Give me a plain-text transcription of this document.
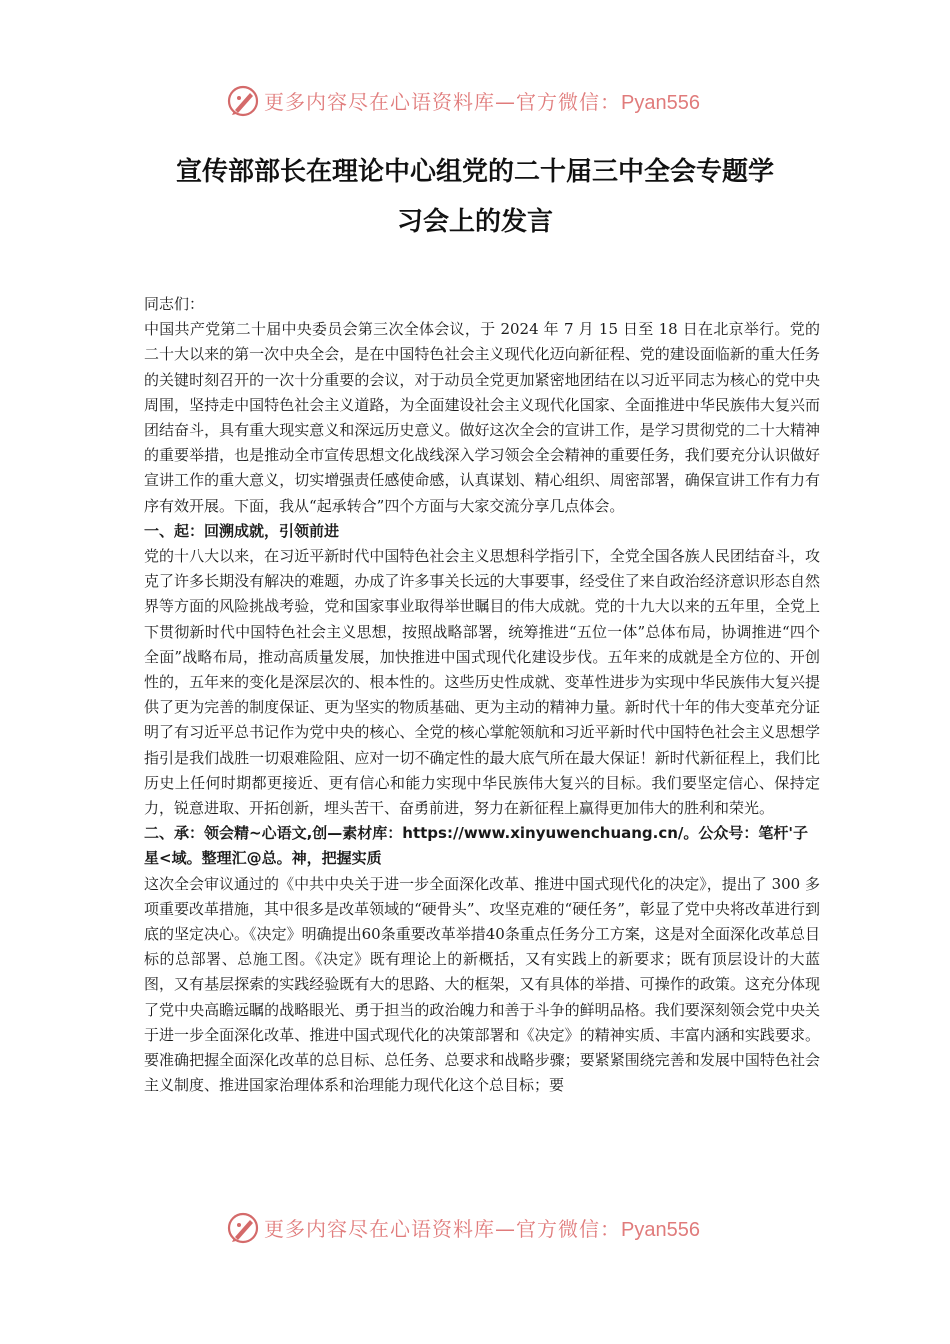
更多内容尽在心语资料库—官方微信：Pyan556
宣传部部长在理论中心组党的二十届三中全会专题学
习会上的发言

同志们：

中国共产党第二十届中央委员会第三次全体会议，于 2024 年 7 月 15 日至 18 日在北京举行。党的二十大以来的第一次中央全会，是在中国特色社会主义现代化迈向新征程、党的建设面临新的重大任务的关键时刻召开的一次十分重要的会议，对于动员全党更加紧密地团结在以习近平同志为核心的党中央周围，坚持走中国特色社会主义道路，为全面建设社会主义现代化国家、全面推进中华民族伟大复兴而团结奋斗，具有重大现实意义和深远历史意义。做好这次全会的宣讲工作，是学习贯彻党的二十大精神的重要举措，也是推动全市宣传思想文化战线深入学习领会全会精神的重要任务，我们要充分认识做好宣讲工作的重大意义，切实增强责任感使命感，认真谋划、精心组织、周密部署，确保宣讲工作有力有序有效开展。下面，我从“起承转合”四个方面与大家交流分享几点体会。

一、起：回溯成就，引领前进

党的十八大以来，在习近平新时代中国特色社会主义思想科学指引下，全党全国各族人民团结奋斗，攻克了许多长期没有解决的难题，办成了许多事关长远的大事要事，经受住了来自政治经济意识形态自然界等方面的风险挑战考验，党和国家事业取得举世瞩目的伟大成就。党的十九大以来的五年里，全党上下贯彻新时代中国特色社会主义思想，按照战略部署，统筹推进“五位一体”总体布局，协调推进“四个全面”战略布局，推动高质量发展，加快推进中国式现代化建设步伐。五年来的成就是全方位的、开创性的，五年来的变化是深层次的、根本性的。这些历史性成就、变革性进步为实现中华民族伟大复兴提供了更为完善的制度保证、更为坚实的物质基础、更为主动的精神力量。新时代十年的伟大变革充分证明了有习近平总书记作为党中央的核心、全党的核心掌舵领航和习近平新时代中国特色社会主义思想学指引是我们战胜一切艰难险阻、应对一切不确定性的最大底气所在最大保证！新时代新征程上，我们比历史上任何时期都更接近、更有信心和能力实现中华民族伟大复兴的目标。我们要坚定信心、保持定力，锐意进取、开拓创新，埋头苦干、奋勇前进，努力在新征程上赢得更加伟大的胜利和荣光。

二、承：领会精~心语文,创—素材库：https://www.xinyuwenchuang.cn/。公众号：笔杆'子星<域。整理汇@总。神，把握实质

这次全会审议通过的《中共中央关于进一步全面深化改革、推进中国式现代化的决定》，提出了 300 多项重要改革措施，其中很多是改革领域的“硬骨头”、攻坚克难的“硬任务”，彰显了党中央将改革进行到底的坚定决心。《决定》明确提出60条重要改革举措40条重点任务分工方案，这是对全面深化改革总目标的总部署、总施工图。《决定》既有理论上的新概括，又有实践上的新要求；既有顶层设计的大蓝图，又有基层探索的实践经验既有大的思路、大的框架，又有具体的举措、可操作的政策。这充分体现了党中央高瞻远瞩的战略眼光、勇于担当的政治魄力和善于斗争的鲜明品格。我们要深刻领会党中央关于进一步全面深化改革、推进中国式现代化的决策部署和《决定》的精神实质、丰富内涵和实践要求。要准确把握全面深化改革的总目标、总任务、总要求和战略步骤；要紧紧围绕完善和发展中国特色社会主义制度、推进国家治理体系和治理能力现代化这个总目标；要

更多内容尽在心语资料库—官方微信：Pyan556
